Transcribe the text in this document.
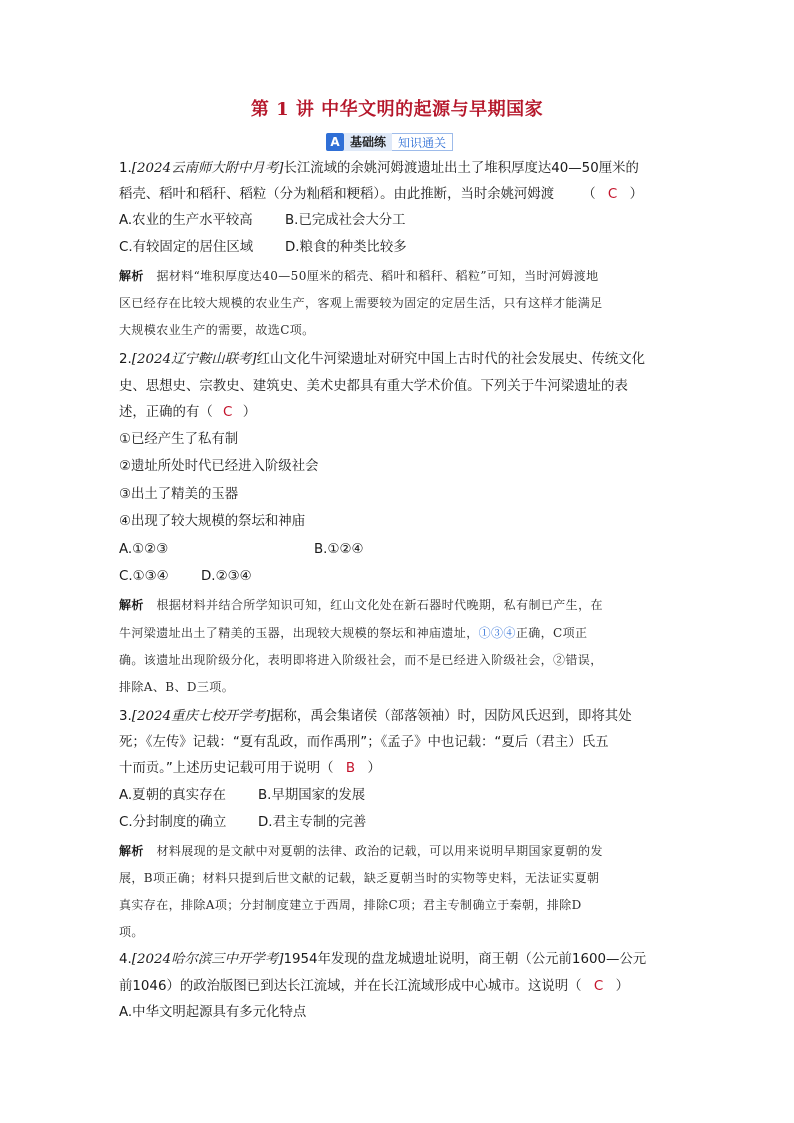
第 1 讲 中华文明的起源与早期国家
A 基础练	知识通关
1.[2024云南师大附中月考]长江流域的余姚河姆渡遗址出土了堆积厚度达40—50厘米的
稻壳、稻叶和稻秆、稻粒（分为籼稻和粳稻）。由此推断，当时余姚河姆渡 （ C ）
A.农业的生产水平较高 B.已完成社会大分工
C.有较固定的居住区域 D.粮食的种类比较多
解析 据材料“堆积厚度达40—50厘米的稻壳、稻叶和稻秆、稻粒”可知，当时河姆渡地
区已经存在比较大规模的农业生产，客观上需要较为固定的定居生活，只有这样才能满足
大规模农业生产的需要，故选C项。
2.[2024辽宁鞍山联考]红山文化牛河梁遗址对研究中国上古时代的社会发展史、传统文化
史、思想史、宗教史、建筑史、美术史都具有重大学术价值。下列关于牛河梁遗址的表
述，正确的有（ C ）
①已经产生了私有制
②遗址所处时代已经进入阶级社会
③出土了精美的玉器
④出现了较大规模的祭坛和神庙
A.①②③	B.①②④
C.①③④ D.②③④
解析 根据材料并结合所学知识可知，红山文化处在新石器时代晚期，私有制已产生，在
牛河梁遗址出土了精美的玉器，出现较大规模的祭坛和神庙遗址，①③④正确，C项正
确。该遗址出现阶级分化，表明即将进入阶级社会，而不是已经进入阶级社会，②错误，
排除A、B、D三项。
3.[2024重庆七校开学考]据称，禹会集诸侯（部落领袖）时，因防风氏迟到，即将其处
死；《左传》记载：“夏有乱政，而作禹刑”；《孟子》中也记载：“夏后（君主）氏五
十而贡。”上述历史记载可用于说明（ B ）
A.夏朝的真实存在 B.早期国家的发展
C.分封制度的确立 D.君主专制的完善
解析 材料展现的是文献中对夏朝的法律、政治的记载，可以用来说明早期国家夏朝的发
展，B项正确；材料只提到后世文献的记载，缺乏夏朝当时的实物等史料，无法证实夏朝
真实存在，排除A项；分封制度建立于西周，排除C项；君主专制确立于秦朝，排除D
项。
4.[2024哈尔滨三中开学考]1954年发现的盘龙城遗址说明，商王朝（公元前1600—公元
前1046）的政治版图已到达长江流域，并在长江流域形成中心城市。这说明（ C ）
A.中华文明起源具有多元化特点
